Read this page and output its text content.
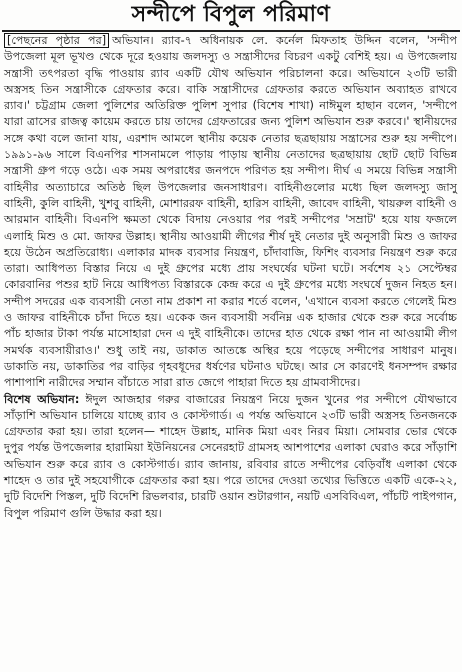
সন্দীপে বিপুল পরিমাণ

[পেছনের পৃষ্ঠার পর] অভিযান। র‍্যাব-৭ অধিনায়ক লে. কর্নেল মিফতাহ উদ্দিন বলেন, 'সন্দীপ উপজেলা মূল ভূখণ্ড থেকে দূরে হওয়ায় জলদস্যু ও সন্ত্রাসীদের বিচরণ একটু বেশিই হয়। এ উপজেলায় সন্ত্রাসী তৎপরতা বৃদ্ধি পাওয়ায় র‍্যাব একটি যৌথ অভিযান পরিচালনা করে। অভিযানে ২৩টি ভারী অস্ত্রসহ তিন সন্ত্রাসীকে গ্রেফতার করে। বাকি সন্ত্রাসীদের গ্রেফতার করতে অভিযান অব্যাহত রাখবে র‍্যাব।' চট্টগ্রাম জেলা পুলিশের অতিরিক্ত পুলিশ সুপার (বিশেষ শাখা) নাঈমুল হাছান বলেন, 'সন্দীপে যারা ত্রাসের রাজত্ব কায়েম করতে চায় তাদের গ্রেফতারের জন্য পুলিশ অভিযান শুরু করবে।' স্থানীয়দের সঙ্গে কথা বলে জানা যায়, এরশাদ আমলে স্থানীয় কয়েক নেতার ছত্রছায়ায় সন্ত্রাসের শুরু হয় সন্দীপে। ১৯৯১-৯৬ সালে বিএনপির শাসনামলে পাড়ায় পাড়ায় স্থানীয় নেতাদের ছত্রছায়ায় ছোট ছোট বিভিন্ন সন্ত্রাসী গ্রুপ গড়ে ওঠে। এক সময় অপরাধের জনপদে পরিণত হয় সন্দীপ। দীর্ঘ এ সময়ে বিভিন্ন সন্ত্রাসী বাহিনীর অত্যাচারে অতিষ্ঠ ছিল উপজেলার জনসাধারণ। বাহিনীগুলোর মধ্যে ছিল জলদস্যু জাসু বাহিনী, কুলি বাহিনী, খুশবু বাহিনী, মোশাররফ বাহিনী, হারিস বাহিনী, জাবেদ বাহিনী, খায়রুল বাহিনী ও আরমান বাহিনী। বিএনপি ক্ষমতা থেকে বিদায় নেওয়ার পর পরই সন্দীপের 'সম্রাট' হয়ে যায় ফজলে এলাহি মিশু ও মো. জাফর উল্লাহ। স্থানীয় আওয়ামী লীগের শীর্ষ দুই নেতার দুই অনুসারী মিশু ও জাফর হয়ে উঠেন অপ্রতিরোধ্য। এলাকার মাদক ব্যবসার নিয়ন্ত্রণ, চাঁদাবাজি, ফিশিং ব্যবসার নিয়ন্ত্রণ শুরু করে তারা। আধিপত্য বিস্তার নিয়ে এ দুই গ্রুপের মধ্যে প্রায় সংঘর্ষের ঘটনা ঘটে। সর্বশেষ ২১ সেপ্টেম্বর কোরবানির পশুর হাট নিয়ে আধিপত্য বিস্তারকে কেন্দ্র করে এ দুই গ্রুপের মধ্যে সংঘর্ষে দুজন নিহত হন। সন্দীপ সদরের এক ব্যবসায়ী নেতা নাম প্রকাশ না করার শর্তে বলেন, 'এখানে ব্যবসা করতে গেলেই মিশু ও জাফর বাহিনীকে চাঁদা দিতে হয়। একেক জন ব্যবসায়ী সর্বনিম্ন এক হাজার থেকে শুরু করে সর্বোচ্চ পাঁচ হাজার টাকা পর্যন্ত মাসোহারা দেন এ দুই বাহিনীকে। তাদের হাত থেকে রক্ষা পান না আওয়ামী লীগ সমর্থক ব্যবসায়ীরাও।' শুধু তাই নয়, ডাকাত আতঙ্কে অস্থির হয়ে পড়েছে সন্দীপের সাধারণ মানুষ। ডাকাতি নয়, ডাকাতির পর বাড়ির গৃহবধূদের ধর্ষণের ঘটনাও ঘটছে। আর সে কারণেই ধনসম্পদ রক্ষার পাশাপাশি নারীদের সম্মান বাঁচাতে সারা রাত জেগে পাহারা দিতে হয় গ্রামবাসীদের।

বিশেষ অভিযান: ঈদুল আজহার গরুর বাজারের নিয়ন্ত্রণ নিয়ে দুজন খুনের পর সন্দীপে যৌথভাবে সাঁড়াশি অভিযান চালিয়ে যাচ্ছে র‍্যাব ও কোস্টগার্ড। এ পর্যন্ত অভিযানে ২৩টি ভারী অস্ত্রসহ তিনজনকে গ্রেফতার করা হয়। তারা হলেন— শাহেদ উল্লাহ, মানিক মিয়া এবং নিরব মিয়া। সোমবার ভোর থেকে দুপুর পর্যন্ত উপজেলার হারামিয়া ইউনিয়নের সেনেরহাট গ্রামসহ আশপাশের এলাকা ঘেরাও করে সাঁড়াশি অভিযান শুরু করে র‍্যাব ও কোস্টগার্ড। র‍্যাব জানায়, রবিবার রাতে সন্দীপের বেড়িবাঁধ এলাকা থেকে শাহেদ ও তার দুই সহযোগীকে গ্রেফতার করা হয়। পরে তাদের দেওয়া তথ্যের ভিত্তিতে একটি একে-২২, দুটি বিদেশি পিস্তল, দুটি বিদেশি রিভলবার, চারটি ওয়ান শুটারগান, নয়টি এসবিবিএল, পাঁচটি পাইপগান, বিপুল পরিমাণ গুলি উদ্ধার করা হয়।
